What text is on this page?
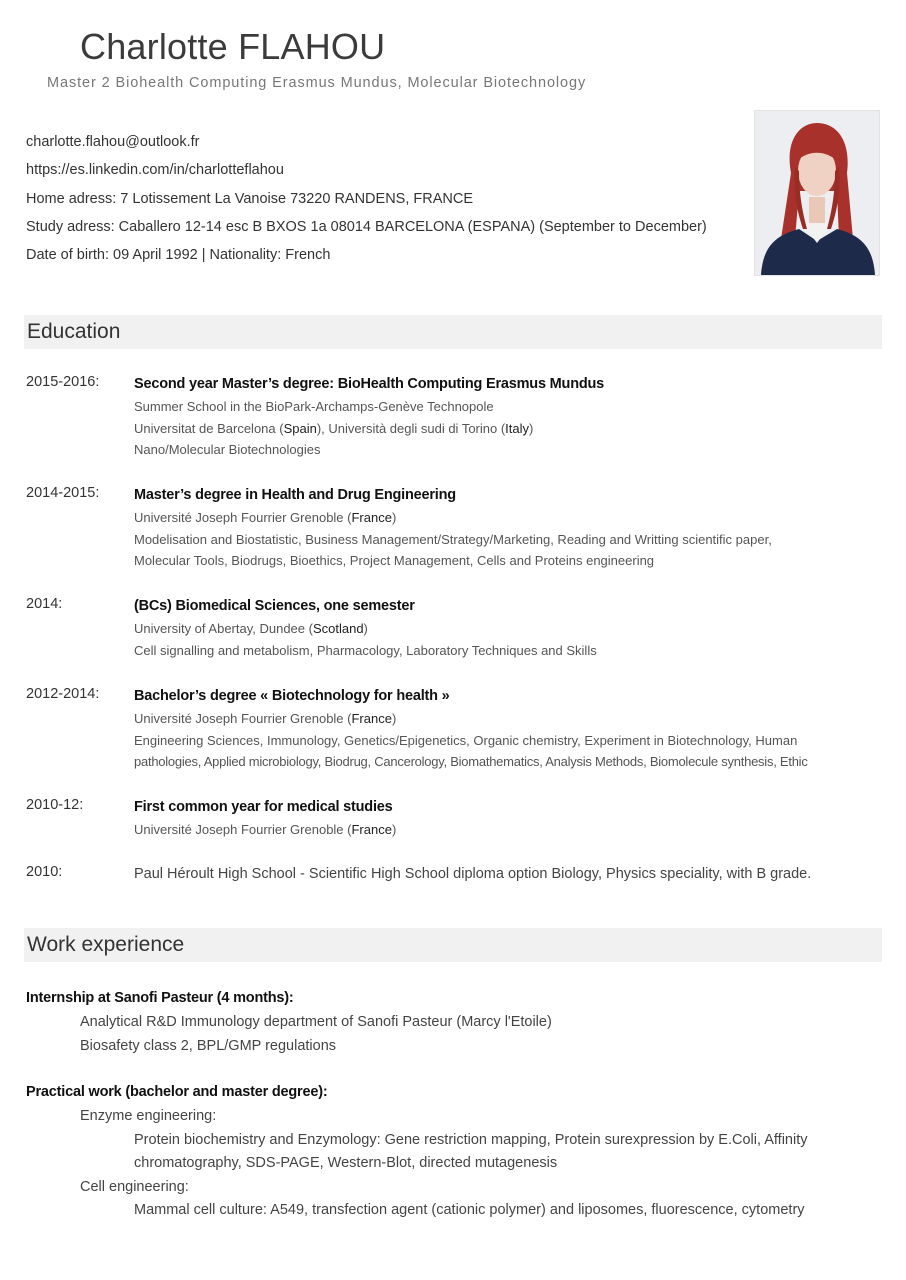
Charlotte FLAHOU
Master 2 Biohealth Computing Erasmus Mundus, Molecular Biotechnology
charlotte.flahou@outlook.fr
https://es.linkedin.com/in/charlotteflahou
Home adress: 7 Lotissement La Vanoise 73220 RANDENS, FRANCE
Study adress: Caballero 12-14 esc B BXOS 1a 08014 BARCELONA (ESPANA) (September to December)
Date of birth: 09 April 1992 | Nationality: French
Education
2015-2016: Second year Master’s degree: BioHealth Computing Erasmus Mundus
Summer School in the BioPark-Archamps-Genève Technopole
Universitat de Barcelona (Spain), Università degli sudi di Torino (Italy)
Nano/Molecular Biotechnologies
2014-2015: Master’s degree in Health and Drug Engineering
Université Joseph Fourrier Grenoble (France)
Modelisation and Biostatistic, Business Management/Strategy/Marketing, Reading and Writting scientific paper,
Molecular Tools, Biodrugs, Bioethics, Project Management, Cells and Proteins engineering
2014:	(BCs) Biomedical Sciences, one semester
University of Abertay, Dundee (Scotland)
Cell signalling and metabolism, Pharmacology, Laboratory Techniques and Skills
2012-2014: Bachelor’s degree « Biotechnology for health »
Université Joseph Fourrier Grenoble (France)
Engineering Sciences, Immunology, Genetics/Epigenetics, Organic chemistry, Experiment in Biotechnology, Human
pathologies, Applied microbiology, Biodrug, Cancerology, Biomathematics, Analysis Methods, Biomolecule synthesis, Ethic
2010-12:	First common year for medical studies
Université Joseph Fourrier Grenoble (France)
2010:	Paul Héroult High School - Scientific High School diploma option Biology, Physics speciality, with B grade.
Work experience
Internship at Sanofi Pasteur (4 months):
Analytical R&D Immunology department of Sanofi Pasteur (Marcy l'Etoile)
Biosafety class 2, BPL/GMP regulations
Practical work (bachelor and master degree):
Enzyme engineering:
Protein biochemistry and Enzymology: Gene restriction mapping, Protein surexpression by E.Coli, Affinity
chromatography, SDS-PAGE, Western-Blot, directed mutagenesis
Cell engineering:
Mammal cell culture: A549, transfection agent (cationic polymer) and liposomes, fluorescence, cytometry
